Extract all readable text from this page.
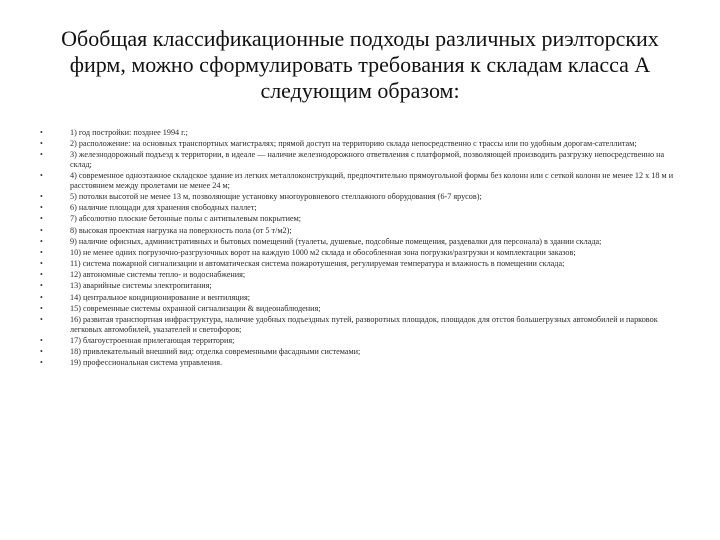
Обобщая классификационные подходы различных риэлторских фирм, можно сформулировать требования к складам класса А следующим образом:
•	1) год постройки: позднее 1994 г.;
•	2) расположение: на основных транспортных магистралях; прямой доступ на территорию склада непосредственно с трассы или по удобным дорогам-сателлитам;
•	3) железнодорожный подъезд к территории, в идеале — наличие железнодорожного ответвления с платформой, позволяющей производить разгрузку непосредственно на склад;
•	4) современное одноэтажное складское здание из легких металлоконструкций, предпочтительно прямоугольной формы без колонн или с сеткой колонн не менее 12 х 18 м и расстоянием между пролетами не менее 24 м;
•	5) потолки высотой не менее 13 м, позволяющие установку многоуровневого стеллажного оборудования (6-7 ярусов);
•	6) наличие площади для хранения свободных паллет;
•	7) абсолютно плоские бетонные полы с антипылевым покрытием;
•	8) высокая проектная нагрузка на поверхность пола (от 5 т/м2);
•	9) наличие офисных, административных и бытовых помещений (туалеты, душевые, подсобные помещения, раздевалки для персонала) в здании склада;
•	10) не менее одних погрузочно-разгрузочных ворот на каждую 1000 м2 склада и обособленная зона погрузки/разгрузки и комплектации заказов;
•	11) система пожарной сигнализации и автоматическая система пожаротушения, регулируемая температура и влажность в помещении склада;
•	12) автономные системы тепло- и водоснабжения;
•	13) аварийные системы электропитания;
•	14) центральное кондиционирование и вентиляция;
•	15) современные системы охранной сигнализации & видеонаблюдения;
•	16) развитая транспортная инфраструктура, наличие удобных подъездных путей, разворотных площадок, площадок для отстоя большегрузных автомобилей и парковок легковых автомобилей, указателей и светофоров;
•	17) благоустроенная прилегающая территория;
•	18) привлекательный внешний вид: отделка современными фасадными системами;
•	19) профессиональная система управления.
